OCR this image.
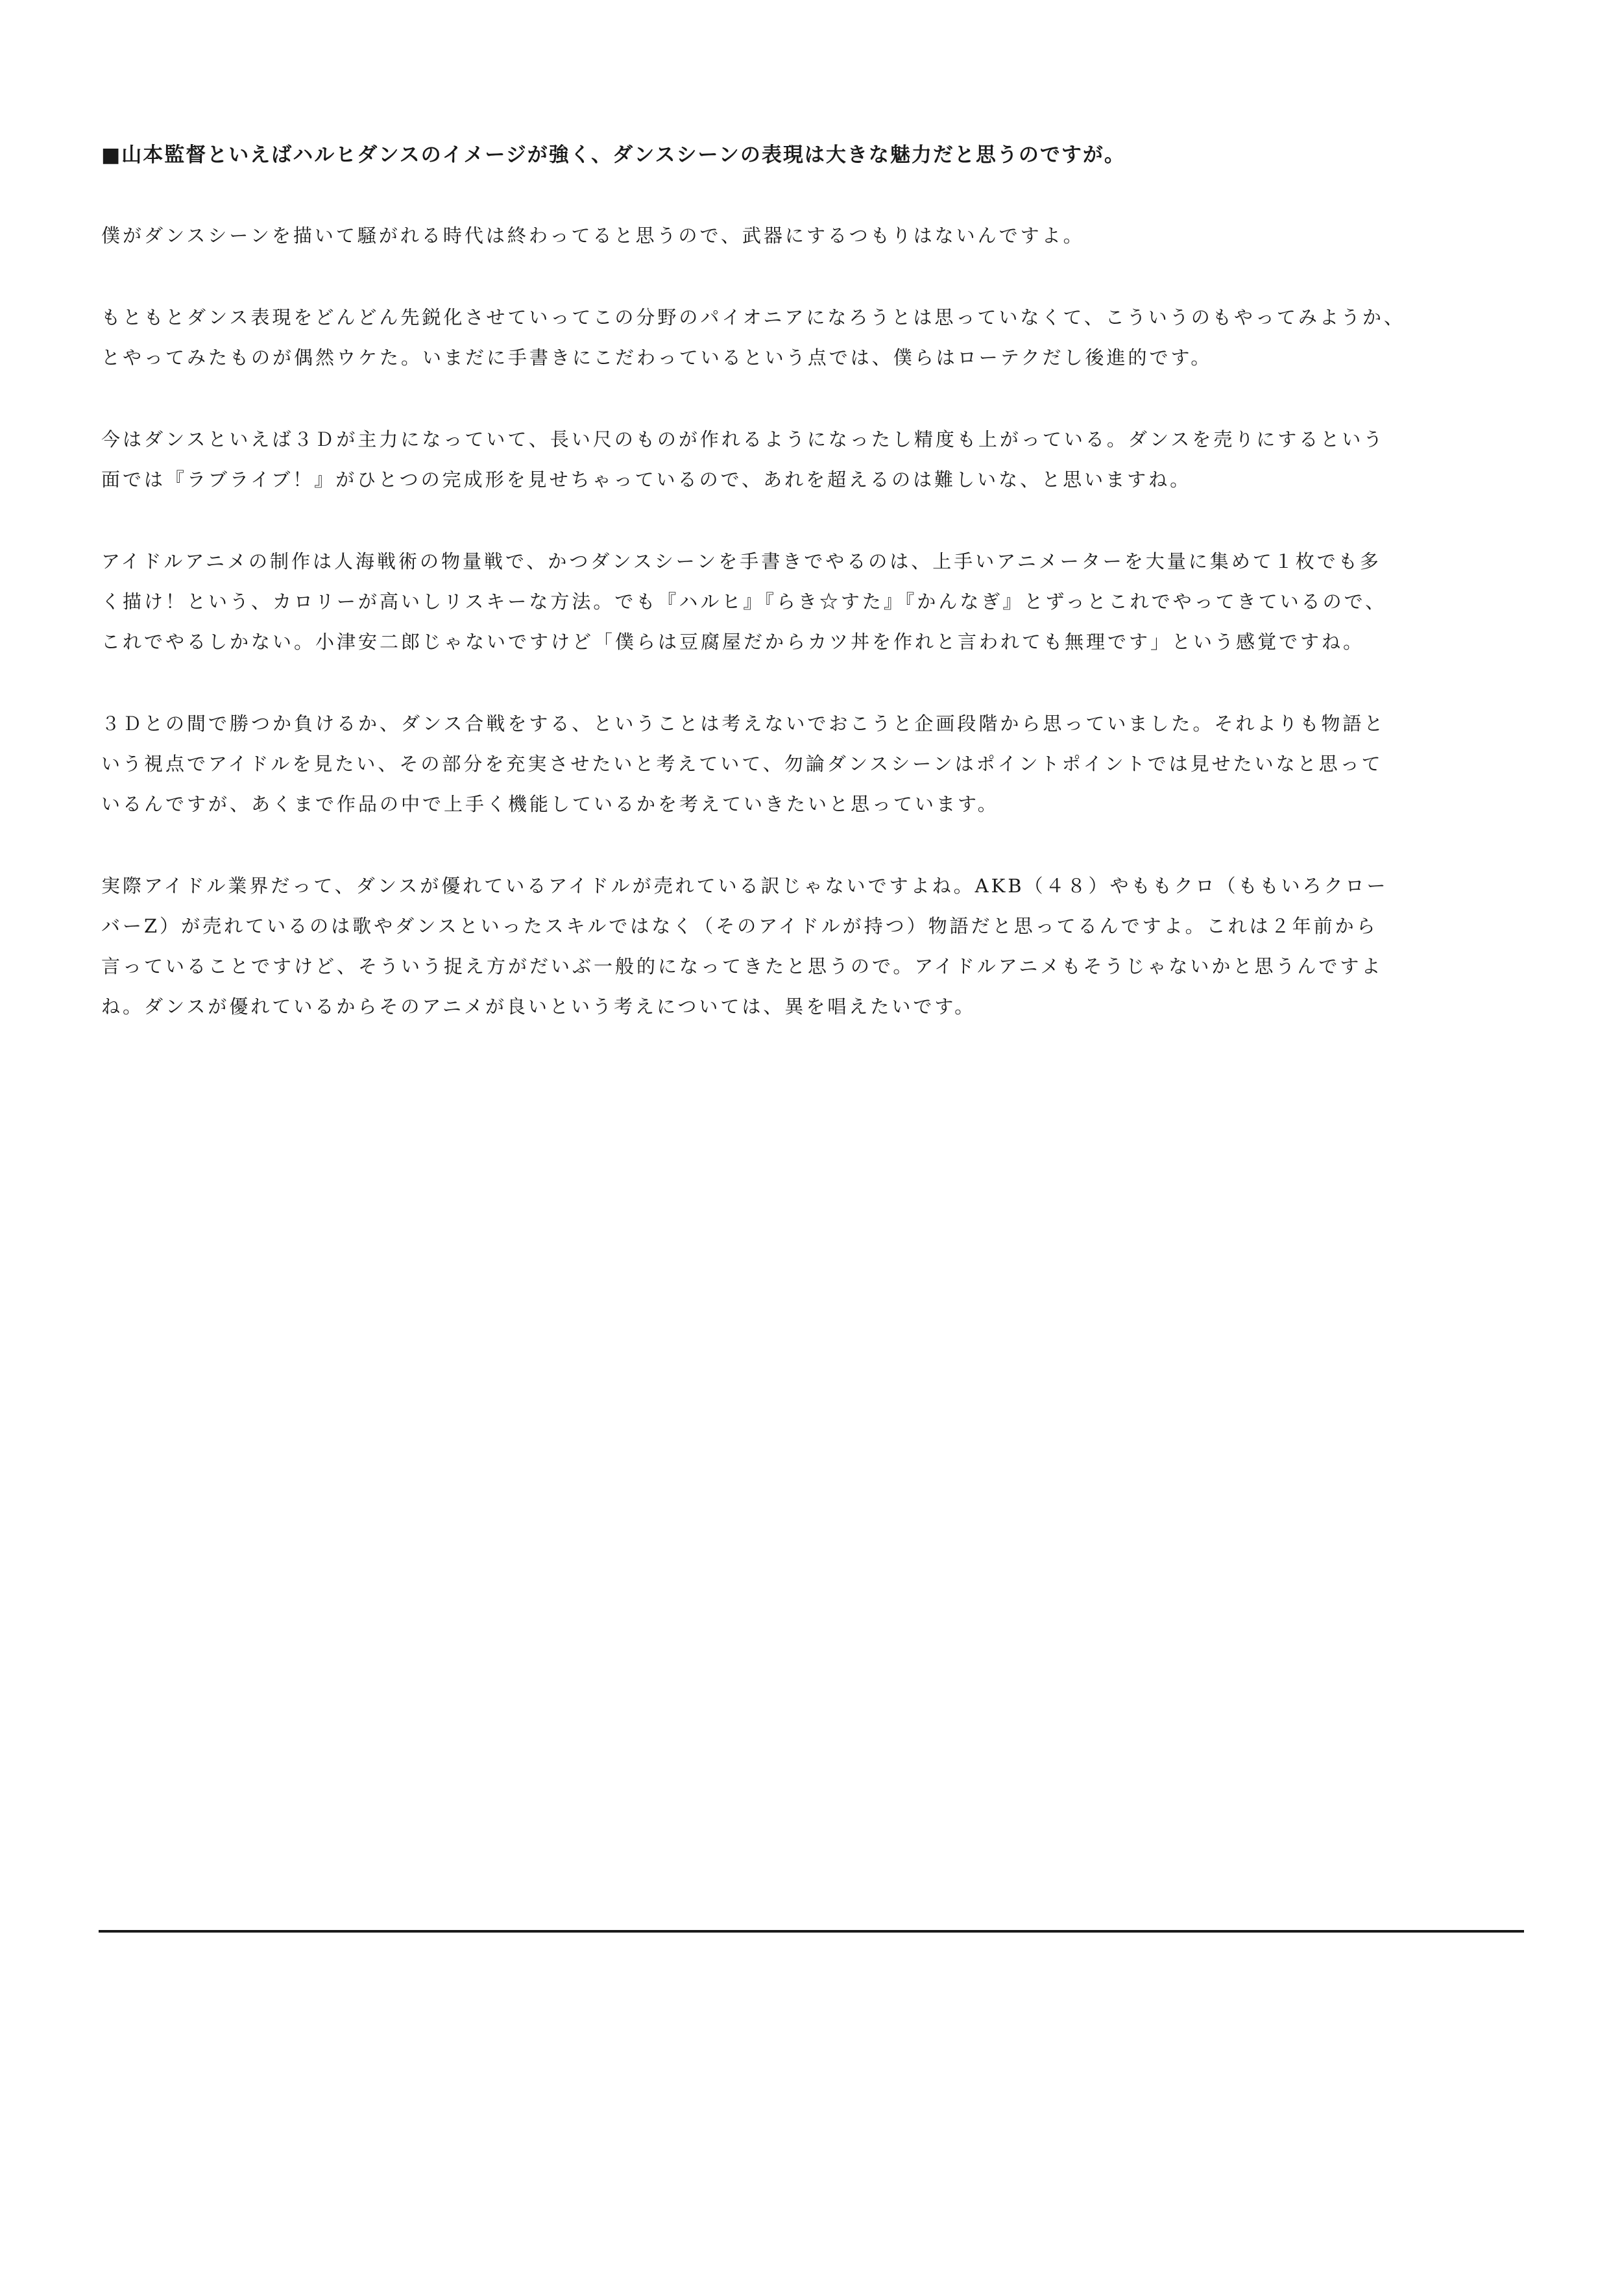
■山本監督といえばハルヒダンスのイメージが強く、ダンスシーンの表現は大きな魅力だと思うのですが。
僕がダンスシーンを描いて騒がれる時代は終わってると思うので、武器にするつもりはないんですよ。
もともとダンス表現をどんどん先鋭化させていってこの分野のパイオニアになろうとは思っていなくて、こういうのもやってみようか、
とやってみたものが偶然ウケた。いまだに手書きにこだわっているという点では、僕らはローテクだし後進的です。
今はダンスといえば３Ｄが主力になっていて、長い尺のものが作れるようになったし精度も上がっている。ダンスを売りにするという
面では『ラブライブ！』がひとつの完成形を見せちゃっているので、あれを超えるのは難しいな、と思いますね。
アイドルアニメの制作は人海戦術の物量戦で、かつダンスシーンを手書きでやるのは、上手いアニメーターを大量に集めて１枚でも多
く描け！という、カロリーが高いしリスキーな方法。でも『ハルヒ』『らき☆すた』『かんなぎ』とずっとこれでやってきているので、
これでやるしかない。小津安二郎じゃないですけど「僕らは豆腐屋だからカツ丼を作れと言われても無理です」という感覚ですね。
３Ｄとの間で勝つか負けるか、ダンス合戦をする、ということは考えないでおこうと企画段階から思っていました。それよりも物語と
いう視点でアイドルを見たい、その部分を充実させたいと考えていて、勿論ダンスシーンはポイントポイントでは見せたいなと思って
いるんですが、あくまで作品の中で上手く機能しているかを考えていきたいと思っています。
実際アイドル業界だって、ダンスが優れているアイドルが売れている訳じゃないですよね。AKB（４８）やももクロ（ももいろクロー
バーZ）が売れているのは歌やダンスといったスキルではなく（そのアイドルが持つ）物語だと思ってるんですよ。これは２年前から
言っていることですけど、そういう捉え方がだいぶ一般的になってきたと思うので。アイドルアニメもそうじゃないかと思うんですよ
ね。ダンスが優れているからそのアニメが良いという考えについては、異を唱えたいです。
